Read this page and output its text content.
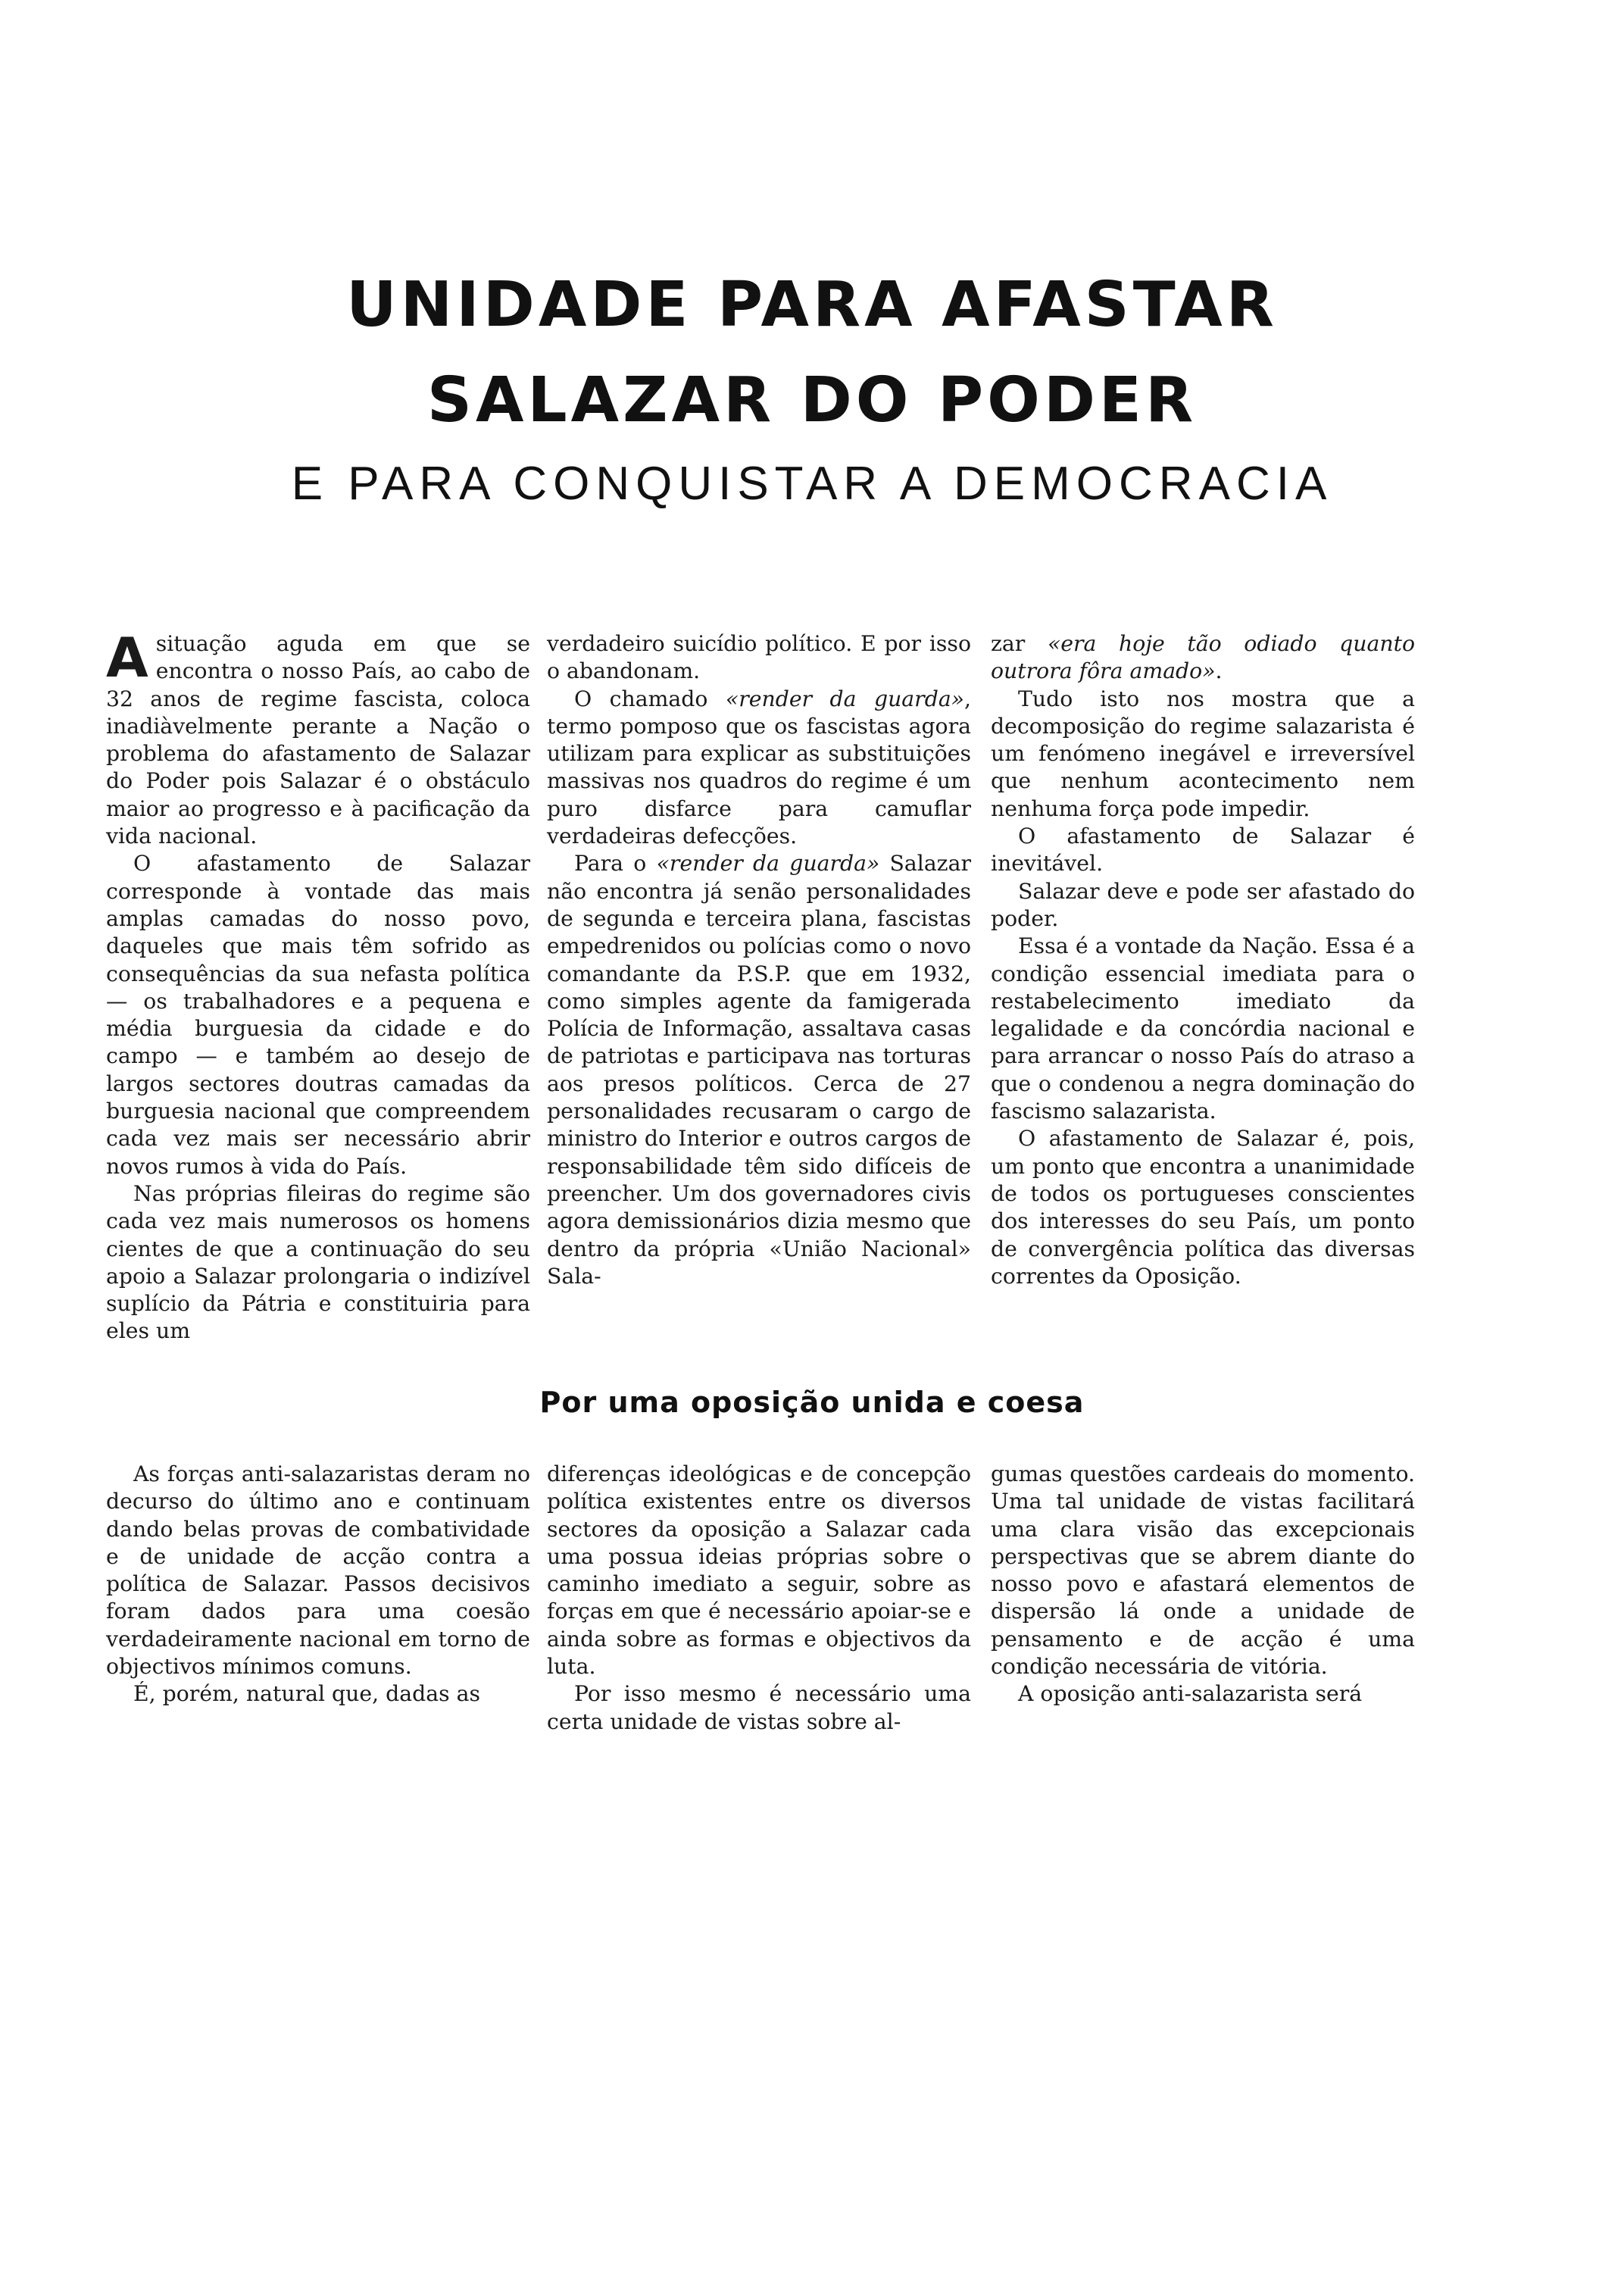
UNIDADE PARA AFASTAR
SALAZAR DO PODER
E PARA CONQUISTAR A DEMOCRACIA
A situação aguda em que se encontra o nosso País, ao cabo de 32 anos de regime fascista, coloca inadiàvelmente perante a Nação o problema do afastamento de Salazar do Poder pois Salazar é o obstáculo maior ao progresso e à pacificação da vida nacional.

O afastamento de Salazar corresponde à vontade das mais amplas camadas do nosso povo, daqueles que mais têm sofrido as consequências da sua nefasta política — os trabalhadores e a pequena e média burguesia da cidade e do campo — e também ao desejo de largos sectores doutras camadas da burguesia nacional que compreendem cada vez mais ser necessário abrir novos rumos à vida do País.

Nas próprias fileiras do regime são cada vez mais numerosos os homens cientes de que a continuação do seu apoio a Salazar prolongaria o indizível suplício da Pátria e constituiria para eles um

verdadeiro suicídio político. E por isso o abandonam.

O chamado «render da guarda», termo pomposo que os fascistas agora utilizam para explicar as substituições massivas nos quadros do regime é um puro disfarce para camuflar verdadeiras defecções.

Para o «render da guarda» Salazar não encontra já senão personalidades de segunda e terceira plana, fascistas empedrenidos ou polícias como o novo comandante da P.S.P. que em 1932, como simples agente da famigerada Polícia de Informação, assaltava casas de patriotas e participava nas torturas aos presos políticos. Cerca de 27 personalidades recusaram o cargo de ministro do Interior e outros cargos de responsabilidade têm sido difíceis de preencher. Um dos governadores civis agora demissionários dizia mesmo que dentro da própria «União Nacional» Sala-

zar «era hoje tão odiado quanto outrora fôra amado».

Tudo isto nos mostra que a decomposição do regime salazarista é um fenómeno inegável e irreversível que nenhum acontecimento nem nenhuma força pode impedir.

O afastamento de Salazar é inevitável.

Salazar deve e pode ser afastado do poder.

Essa é a vontade da Nação. Essa é a condição essencial imediata para o restabelecimento imediato da legalidade e da concórdia nacional e para arrancar o nosso País do atraso a que o condenou a negra dominação do fascismo salazarista.

O afastamento de Salazar é, pois, um ponto que encontra a unanimidade de todos os portugueses conscientes dos interesses do seu País, um ponto de convergência política das diversas correntes da Oposição.

Por uma oposição unida e coesa

As forças anti-salazaristas deram no decurso do último ano e continuam dando belas provas de combatividade e de unidade de acção contra a política de Salazar. Passos decisivos foram dados para uma coesão verdadeiramente nacional em torno de objectivos mínimos comuns.

É, porém, natural que, dadas as

diferenças ideológicas e de concepção política existentes entre os diversos sectores da oposição a Salazar cada uma possua ideias próprias sobre o caminho imediato a seguir, sobre as forças em que é necessário apoiar-se e ainda sobre as formas e objectivos da luta.

Por isso mesmo é necessário uma certa unidade de vistas sobre al-

gumas questões cardeais do momento. Uma tal unidade de vistas facilitará uma clara visão das excepcionais perspectivas que se abrem diante do nosso povo e afastará elementos de dispersão lá onde a unidade de pensamento e de acção é uma condição necessária de vitória.

A oposição anti-salazarista será
